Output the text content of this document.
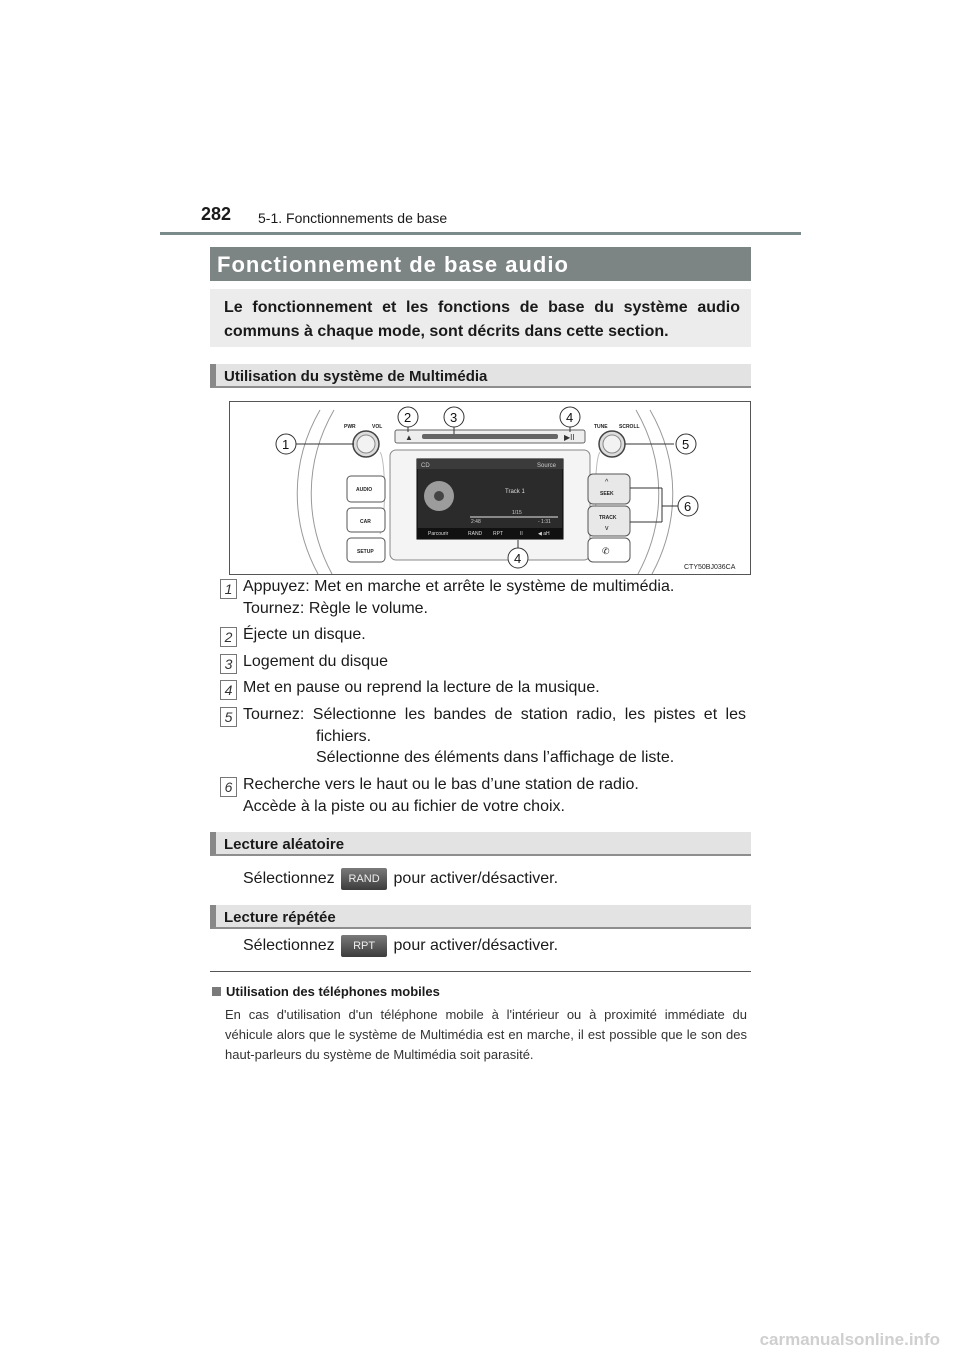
282 5-1. Fonctionnements de base
Fonctionnement de base audio
Le fonctionnement et les fonctions de base du système audio communs à chaque mode, sont décrits dans cette section.
Utilisation du système de Multimédia
▲	▶II
CD	Source
Track 1
1/15
2:48	- 1:31
Parcourir	RAND RPT	II	◀ aH
PWR	VOL
AUDIO
CAR
SETUP
TUNE SCROLL
^
SEEK
TRACK
v
✆
1
2	3	4
4
5
6
CTY50BJ036CA
1 Appuyez: Met en marche et arrête le système de multimédia.
Tournez: Règle le volume.
2 Éjecte un disque.
3 Logement du disque
4 Met en pause ou reprend la lecture de la musique.
5 Tournez: Sélectionne les bandes de station radio, les pistes et les
fichiers.
Sélectionne des éléments dans l’affichage de liste.
6 Recherche vers le haut ou le bas d’une station de radio.
Accède à la piste ou au fichier de votre choix.
Lecture aléatoire
Sélectionnez RAND pour activer/désactiver.
Lecture répétée
Sélectionnez RPT pour activer/désactiver.
Utilisation des téléphones mobiles
En cas d'utilisation d'un téléphone mobile à l'intérieur ou à proximité immédiate du véhicule alors que le système de Multimédia est en marche, il est possible que le son des haut-parleurs du système de Multimédia soit parasité.
carmanualsonline.info
